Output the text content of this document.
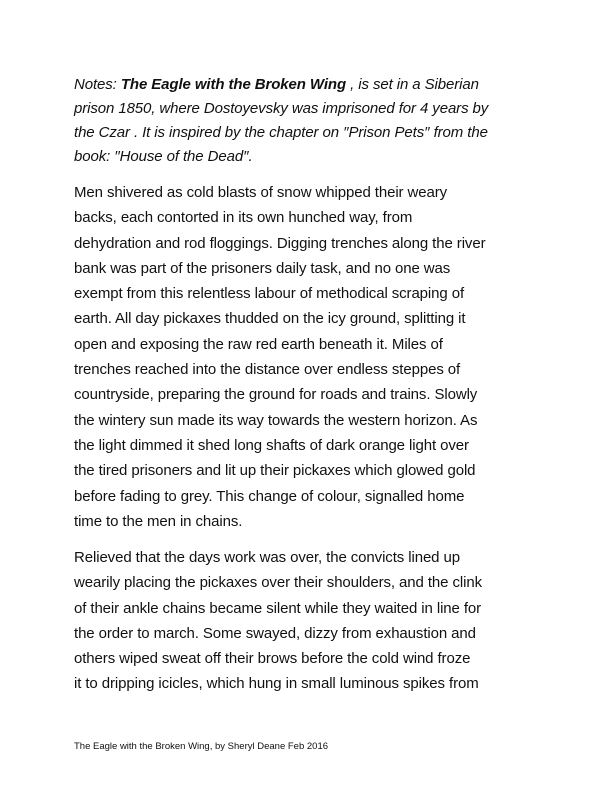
Notes: The Eagle with the Broken Wing , is set in a Siberian
prison 1850, where Dostoyevsky was imprisoned for 4 years by
the Czar . It is inspired by the chapter on ′′Prison Pets′′ from the
book: ′′House of the Dead′′.
Men shivered as cold blasts of snow whipped their weary
backs, each contorted in its own hunched way, from
dehydration and rod floggings. Digging trenches along the river
bank was part of the prisoners daily task, and no one was
exempt from this relentless labour of methodical scraping of
earth. All day pickaxes thudded on the icy ground, splitting it
open and exposing the raw red earth beneath it. Miles of
trenches reached into the distance over endless steppes of
countryside, preparing the ground for roads and trains. Slowly
the wintery sun made its way towards the western horizon. As
the light dimmed it shed long shafts of dark orange light over
the tired prisoners and lit up their pickaxes which glowed gold
before fading to grey. This change of colour, signalled home
time to the men in chains.
Relieved that the days work was over, the convicts lined up
wearily placing the pickaxes over their shoulders, and the clink
of their ankle chains became silent while they waited in line for
the order to march. Some swayed, dizzy from exhaustion and
others wiped sweat off their brows before the cold wind froze
it to dripping icicles, which hung in small luminous spikes from
The Eagle with the Broken Wing, by Sheryl Deane Feb 2016
